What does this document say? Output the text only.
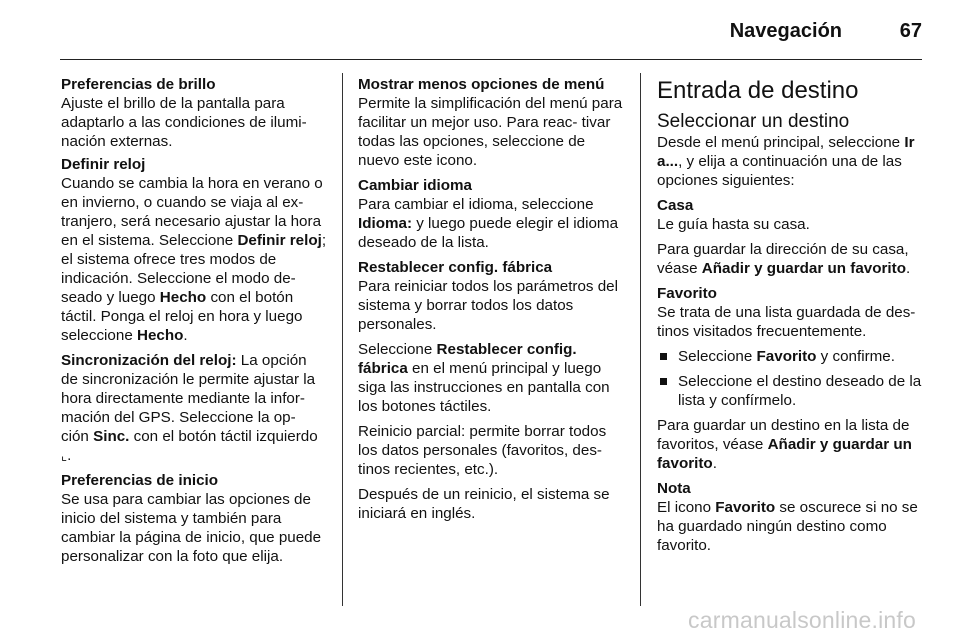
Navegación	67

Preferencias de brillo
Ajuste el brillo de la pantalla para adaptarlo a las condiciones de ilumi- nación externas.

Definir reloj
Cuando se cambia la hora en verano o en invierno, o cuando se viaja al ex- tranjero, será necesario ajustar la hora en el sistema. Seleccione Definir reloj; el sistema ofrece tres modos de indicación. Seleccione el modo de- seado y luego Hecho con el botón táctil. Ponga el reloj en hora y luego seleccione Hecho.

Sincronización del reloj: La opción de sincronización le permite ajustar la hora directamente mediante la infor- mación del GPS. Seleccione la op- ción Sinc. con el botón táctil izquierdo ⌞.

Preferencias de inicio
Se usa para cambiar las opciones de inicio del sistema y también para cambiar la página de inicio, que puede personalizar con la foto que elija.

Mostrar menos opciones de menú
Permite la simplificación del menú para facilitar un mejor uso. Para reac- tivar todas las opciones, seleccione de nuevo este icono.

Cambiar idioma
Para cambiar el idioma, seleccione Idioma: y luego puede elegir el idioma deseado de la lista.

Restablecer config. fábrica
Para reiniciar todos los parámetros del sistema y borrar todos los datos personales.

Seleccione Restablecer config. fábrica en el menú principal y luego siga las instrucciones en pantalla con los botones táctiles.

Reinicio parcial: permite borrar todos los datos personales (favoritos, des- tinos recientes, etc.).

Después de un reinicio, el sistema se iniciará en inglés.

Entrada de destino
Seleccionar un destino

Desde el menú principal, seleccione Ir a..., y elija a continuación una de las opciones siguientes:

Casa
Le guía hasta su casa.

Para guardar la dirección de su casa, véase Añadir y guardar un favorito.

Favorito
Se trata de una lista guardada de des- tinos visitados frecuentemente.

Seleccione Favorito y confirme.
Seleccione el destino deseado de la lista y confírmelo.

Para guardar un destino en la lista de favoritos, véase Añadir y guardar un favorito.

Nota
El icono Favorito se oscurece si no se ha guardado ningún destino como favorito.

carmanualsonline.info
